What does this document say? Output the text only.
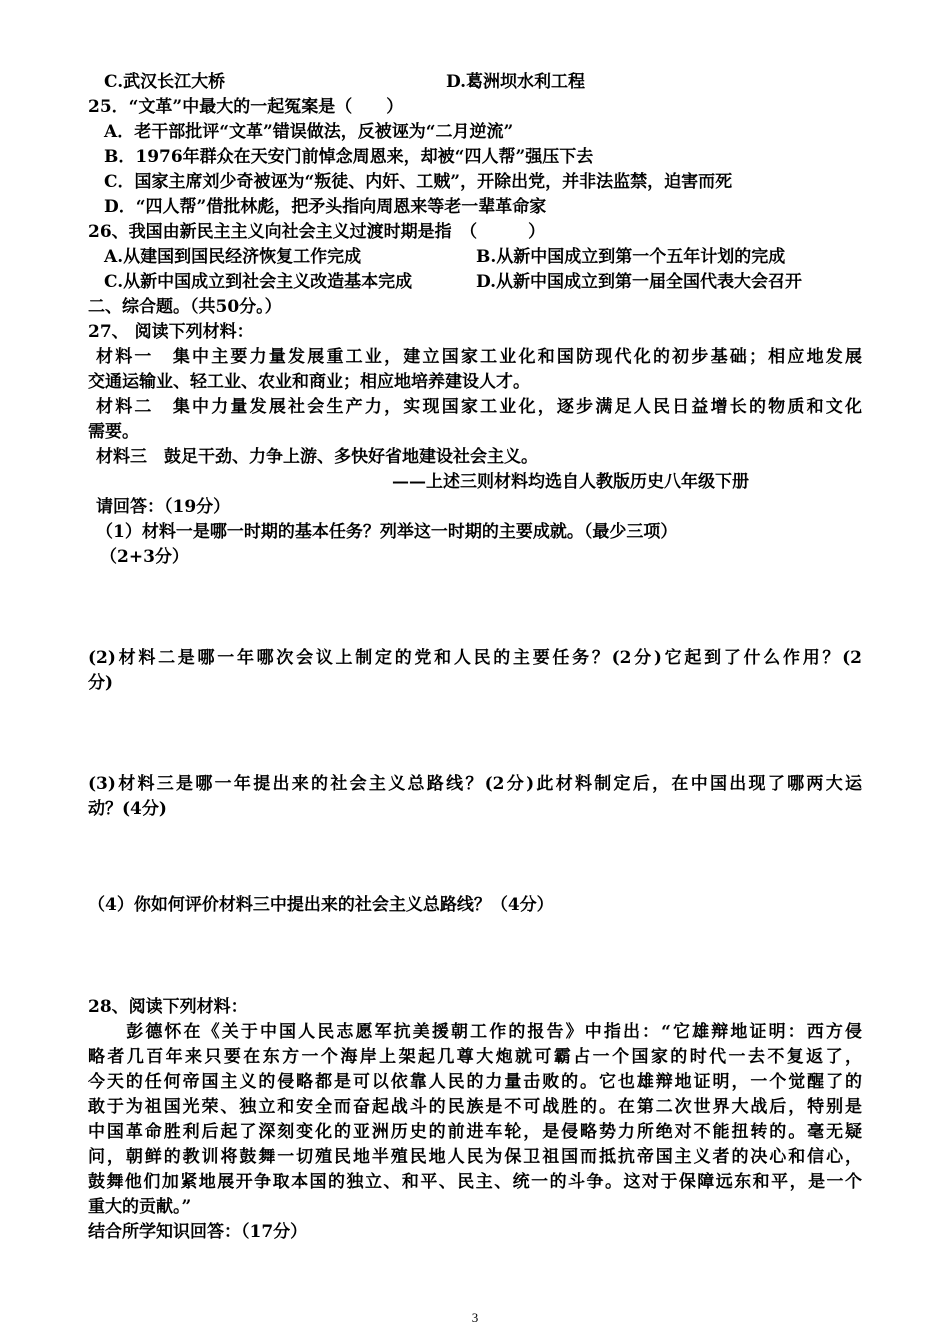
C.武汉长江大桥	D.葛洲坝水利工程
25．“文革”中最大的一起冤案是（　　）
A．老干部批评“文革”错误做法，反被诬为“二月逆流”
B．1976年群众在天安门前悼念周恩来，却被“四人帮”强压下去
C．国家主席刘少奇被诬为“叛徒、内奸、工贼”，开除出党，并非法监禁，迫害而死
D．“四人帮”借批林彪，把矛头指向周恩来等老一辈革命家
26、我国由新民主主义向社会主义过渡时期是指　（　　　）
A.从建国到国民经济恢复工作完成	B.从新中国成立到第一个五年计划的完成
C.从新中国成立到社会主义改造基本完成	D.从新中国成立到第一届全国代表大会召开
二、综合题。（共50分。）
27、 阅读下列材料：
材料一　集中主要力量发展重工业，建立国家工业化和国防现代化的初步基础；相应地发展
交通运输业、轻工业、农业和商业；相应地培养建设人才。
材料二　集中力量发展社会生产力，实现国家工业化，逐步满足人民日益增长的物质和文化
需要。
材料三　鼓足干劲、力争上游、多快好省地建设社会主义。
——上述三则材料均选自人教版历史八年级下册
请回答：（19分）
（1）材料一是哪一时期的基本任务？列举这一时期的主要成就。（最少三项）
（2+3分）
(2)材料二是哪一年哪次会议上制定的党和人民的主要任务？(2分)它起到了什么作用？(2
分)
(3)材料三是哪一年提出来的社会主义总路线？(2分)此材料制定后，在中国出现了哪两大运
动？(4分)
（4）你如何评价材料三中提出来的社会主义总路线？（4分）
28、阅读下列材料：
　　彭德怀在《关于中国人民志愿军抗美援朝工作的报告》中指出：“它雄辩地证明：西方侵
略者几百年来只要在东方一个海岸上架起几尊大炮就可霸占一个国家的时代一去不复返了，
今天的任何帝国主义的侵略都是可以依靠人民的力量击败的。它也雄辩地证明，一个觉醒了的
敢于为祖国光荣、独立和安全而奋起战斗的民族是不可战胜的。在第二次世界大战后，特别是
中国革命胜利后起了深刻变化的亚洲历史的前进车轮，是侵略势力所绝对不能扭转的。毫无疑
问，朝鲜的教训将鼓舞一切殖民地半殖民地人民为保卫祖国而抵抗帝国主义者的决心和信心，
鼓舞他们加紧地展开争取本国的独立、和平、民主、统一的斗争。这对于保障远东和平，是一个
重大的贡献。”
结合所学知识回答：（17分）
3
